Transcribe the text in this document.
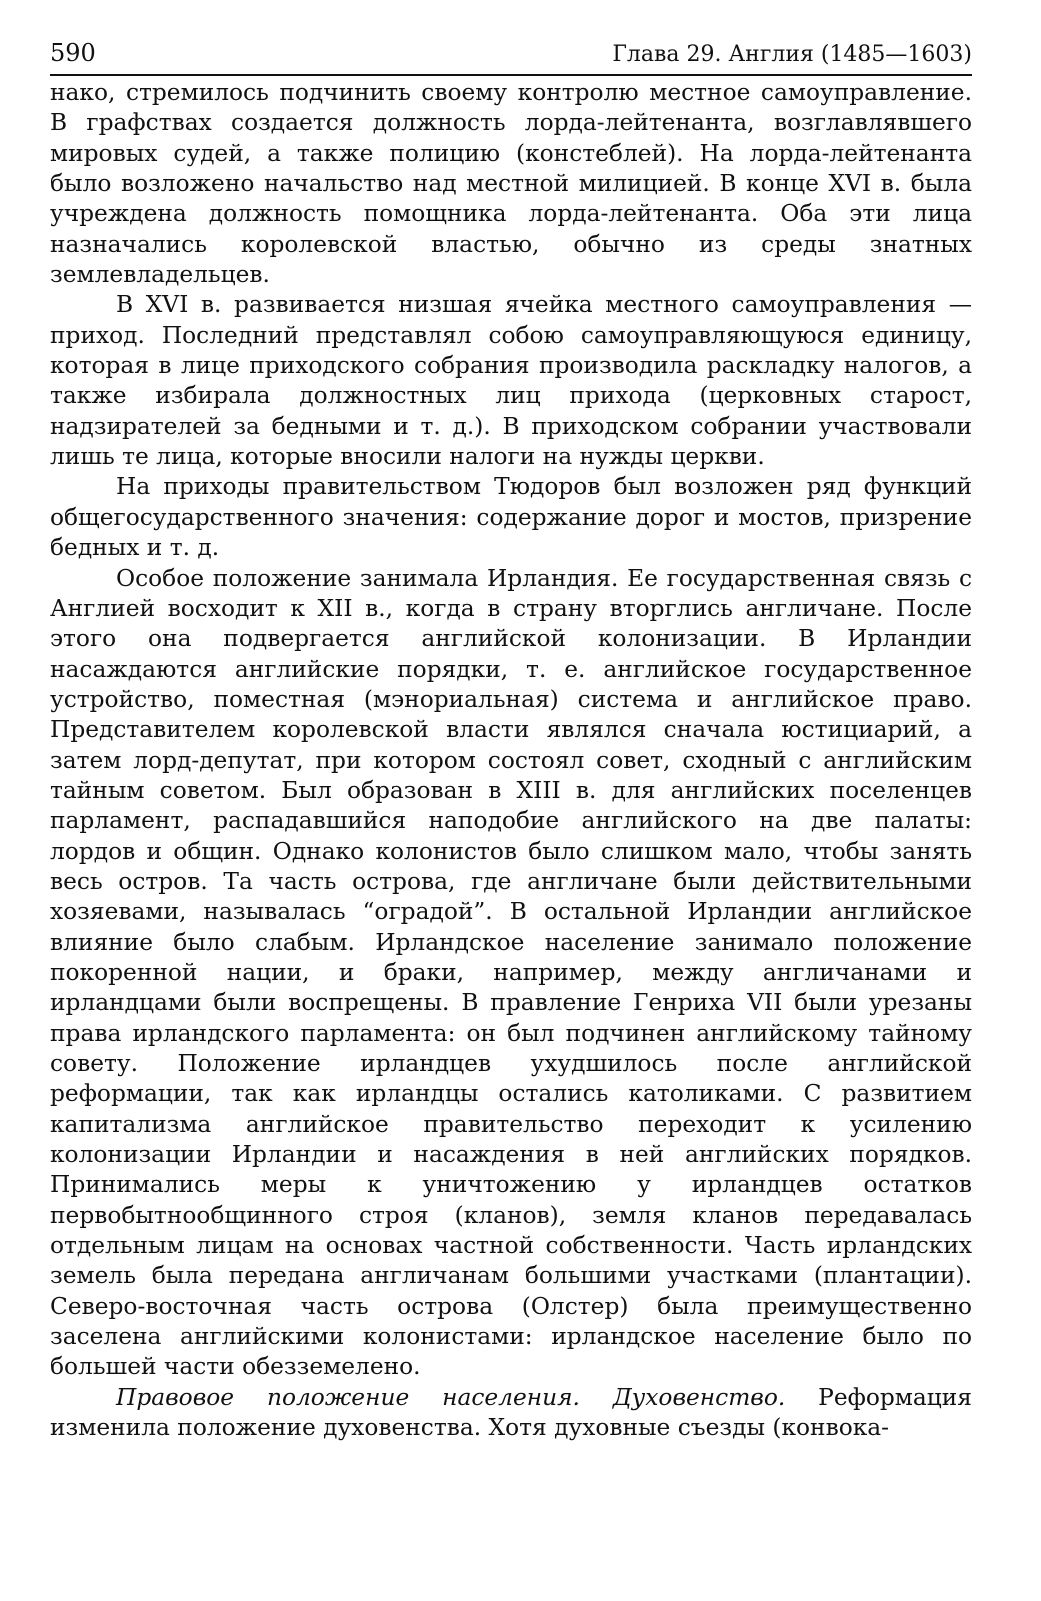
590	Глава 29. Англия (1485—1603)

нако, стремилось подчинить своему контролю местное самоуправление. В графствах создается должность лорда-лейтенанта, возглавлявшего мировых судей, а также полицию (констеблей). На лорда-лейтенанта было возложено начальство над местной милицией. В конце XVI в. была учреждена должность помощника лорда-лейтенанта. Оба эти лица назначались королевской властью, обычно из среды знатных землевладельцев.

В XVI в. развивается низшая ячейка местного самоуправления — приход. Последний представлял собою самоуправляющуюся единицу, которая в лице приходского собрания производила раскладку налогов, а также избирала должностных лиц прихода (церковных старост, надзирателей за бедными и т. д.). В приходском собрании участвовали лишь те лица, которые вносили налоги на нужды церкви.

На приходы правительством Тюдоров был возложен ряд функций общегосударственного значения: содержание дорог и мостов, призрение бедных и т. д.

Особое положение занимала Ирландия. Ее государственная связь с Англией восходит к XII в., когда в страну вторглись англичане. После этого она подвергается английской колонизации. В Ирландии насаждаются английские порядки, т. е. английское государственное устройство, поместная (мэнориальная) система и английское право. Представителем королевской власти являлся сначала юстициарий, а затем лорд-депутат, при котором состоял совет, сходный с английским тайным советом. Был образован в XIII в. для английских поселенцев парламент, распадавшийся наподобие английского на две палаты: лордов и общин. Однако колонистов было слишком мало, чтобы занять весь остров. Та часть острова, где англичане были действительными хозяевами, называлась “оградой”. В остальной Ирландии английское влияние было слабым. Ирландское население занимало положение покоренной нации, и браки, например, между англичанами и ирландцами были воспрещены. В правление Генриха VII были урезаны права ирландского парламента: он был подчинен английскому тайному совету. Положение ирландцев ухудшилось после английской реформации, так как ирландцы остались католиками. С развитием капитализма английское правительство переходит к усилению колонизации Ирландии и насаждения в ней английских порядков. Принимались меры к уничтожению у ирландцев остатков первобытнообщинного строя (кланов), земля кланов передавалась отдельным лицам на основах частной собственности. Часть ирландских земель была передана англичанам большими участками (плантации). Северо-восточная часть острова (Олстер) была преимущественно заселена английскими колонистами: ирландское население было по большей части обезземелено.

Правовое положение населения. Духовенство. Реформация изменила положение духовенства. Хотя духовные съезды (конвока-
